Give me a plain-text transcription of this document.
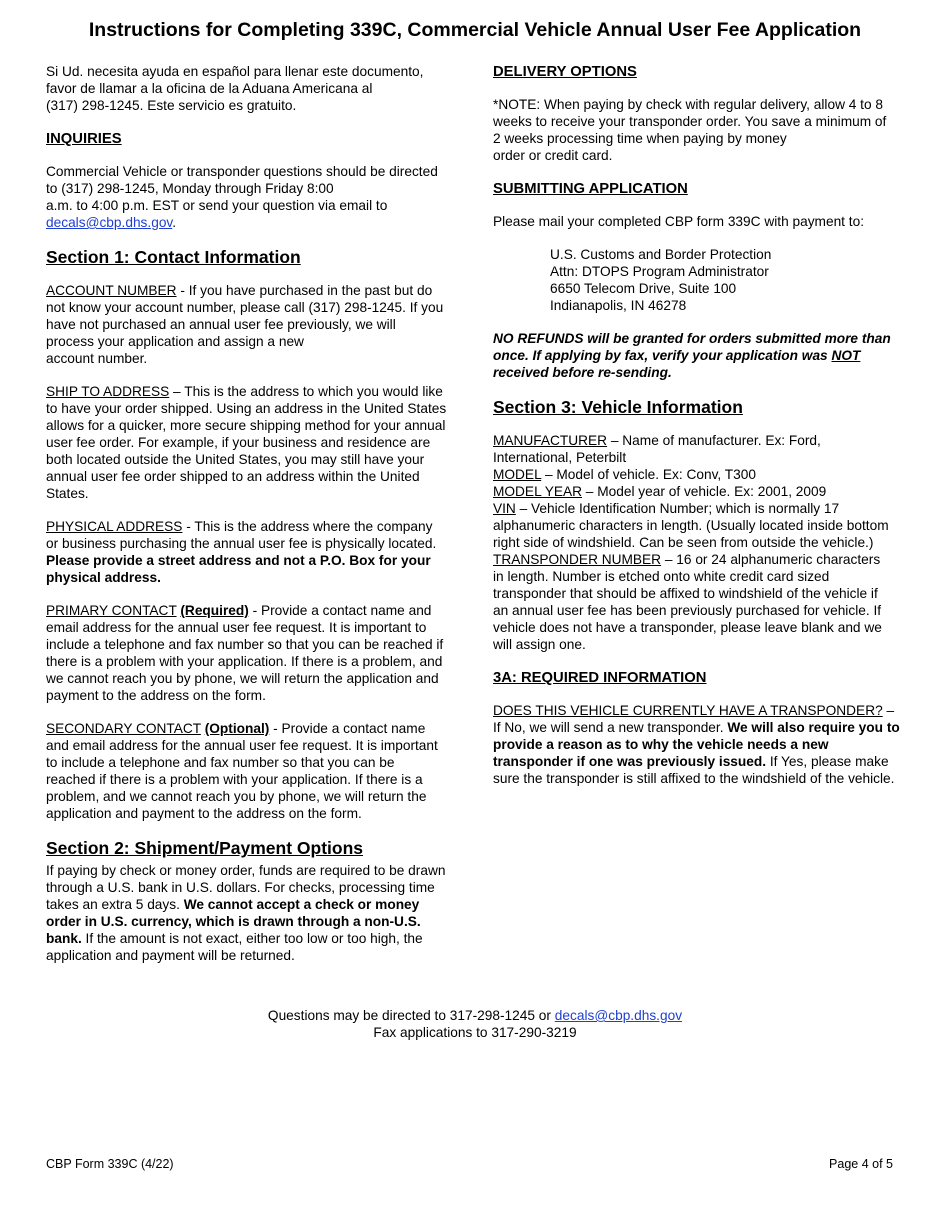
Instructions for Completing 339C, Commercial Vehicle Annual User Fee Application

Si Ud. necesita ayuda en español para llenar este documento,
favor de llamar a la oficina de la Aduana Americana al
(317) 298-1245. Este servicio es gratuito.

INQUIRIES

Commercial Vehicle or transponder questions should be directed
to (317) 298-1245, Monday through Friday 8:00
a.m. to 4:00 p.m. EST or send your question via email to
decals@cbp.dhs.gov.

Section 1: Contact Information

ACCOUNT NUMBER - If you have purchased in the past but do
not know your account number, please call (317) 298-1245. If you
have not purchased an annual user fee previously, we will
process your application and assign a new
account number.

SHIP TO ADDRESS – This is the address to which you would like
to have your order shipped. Using an address in the United States
allows for a quicker, more secure shipping method for your annual
user fee order. For example, if your business and residence are
both located outside the United States, you may still have your
annual user fee order shipped to an address within the United
States.

PHYSICAL ADDRESS - This is the address where the company
or business purchasing the annual user fee is physically located.
Please provide a street address and not a P.O. Box for your
physical address.

PRIMARY CONTACT (Required) - Provide a contact name and
email address for the annual user fee request. It is important to
include a telephone and fax number so that you can be reached if
there is a problem with your application. If there is a problem, and
we cannot reach you by phone, we will return the application and
payment to the address on the form.

SECONDARY CONTACT (Optional) - Provide a contact name
and email address for the annual user fee request. It is important
to include a telephone and fax number so that you can be
reached if there is a problem with your application. If there is a
problem, and we cannot reach you by phone, we will return the
application and payment to the address on the form.

Section 2: Shipment/Payment Options

If paying by check or money order, funds are required to be drawn
through a U.S. bank in U.S. dollars. For checks, processing time
takes an extra 5 days. We cannot accept a check or money
order in U.S. currency, which is drawn through a non-U.S.
bank. If the amount is not exact, either too low or too high, the
application and payment will be returned.

DELIVERY OPTIONS

*NOTE: When paying by check with regular delivery, allow 4 to 8
weeks to receive your transponder order. You save a minimum of
2 weeks processing time when paying by money
order or credit card.

SUBMITTING APPLICATION

Please mail your completed CBP form 339C with payment to:

U.S. Customs and Border Protection
Attn: DTOPS Program Administrator
6650 Telecom Drive, Suite 100
Indianapolis, IN 46278

NO REFUNDS will be granted for orders submitted more than
once. If applying by fax, verify your application was NOT
received before re-sending.

Section 3: Vehicle Information

MANUFACTURER – Name of manufacturer. Ex: Ford,
International, Peterbilt
MODEL – Model of vehicle. Ex: Conv, T300
MODEL YEAR – Model year of vehicle. Ex: 2001, 2009
VIN – Vehicle Identification Number; which is normally 17
alphanumeric characters in length. (Usually located inside bottom
right side of windshield. Can be seen from outside the vehicle.)
TRANSPONDER NUMBER – 16 or 24 alphanumeric characters
in length. Number is etched onto white credit card sized
transponder that should be affixed to windshield of the vehicle if
an annual user fee has been previously purchased for vehicle. If
vehicle does not have a transponder, please leave blank and we
will assign one.

3A: REQUIRED INFORMATION

DOES THIS VEHICLE CURRENTLY HAVE A TRANSPONDER? –
If No, we will send a new transponder. We will also require you to
provide a reason as to why the vehicle needs a new
transponder if one was previously issued. If Yes, please make
sure the transponder is still affixed to the windshield of the vehicle.

Questions may be directed to 317-298-1245 or decals@cbp.dhs.gov
Fax applications to 317-290-3219
CBP Form 339C (4/22)	Page 4 of 5
